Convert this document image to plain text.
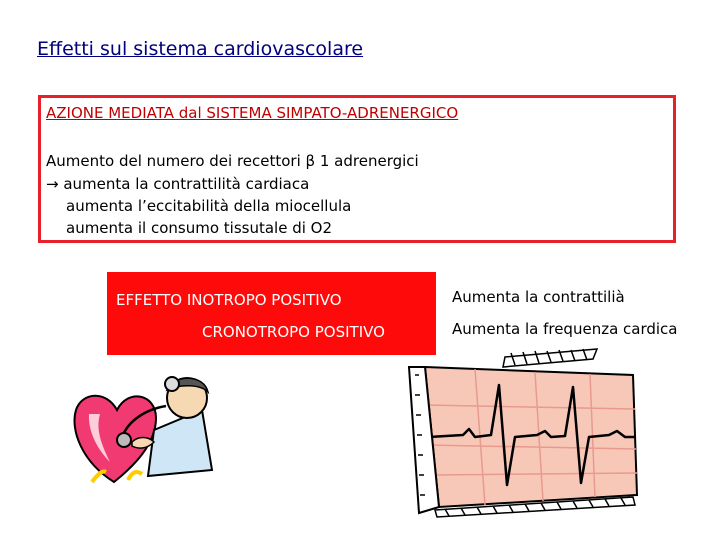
Effetti sul sistema cardiovascolare
AZIONE MEDIATA dal SISTEMA SIMPATO-ADRENERGICO
Aumento del numero dei recettori β 1 adrenergici
→ aumenta la contrattilità cardiaca
aumenta l’eccitabilità della miocellula
aumenta il consumo tissutale di O2
EFFETTO INOTROPO POSITIVO
CRONOTROPO POSITIVO
Aumenta la contrattilià
Aumenta la frequenza cardica
